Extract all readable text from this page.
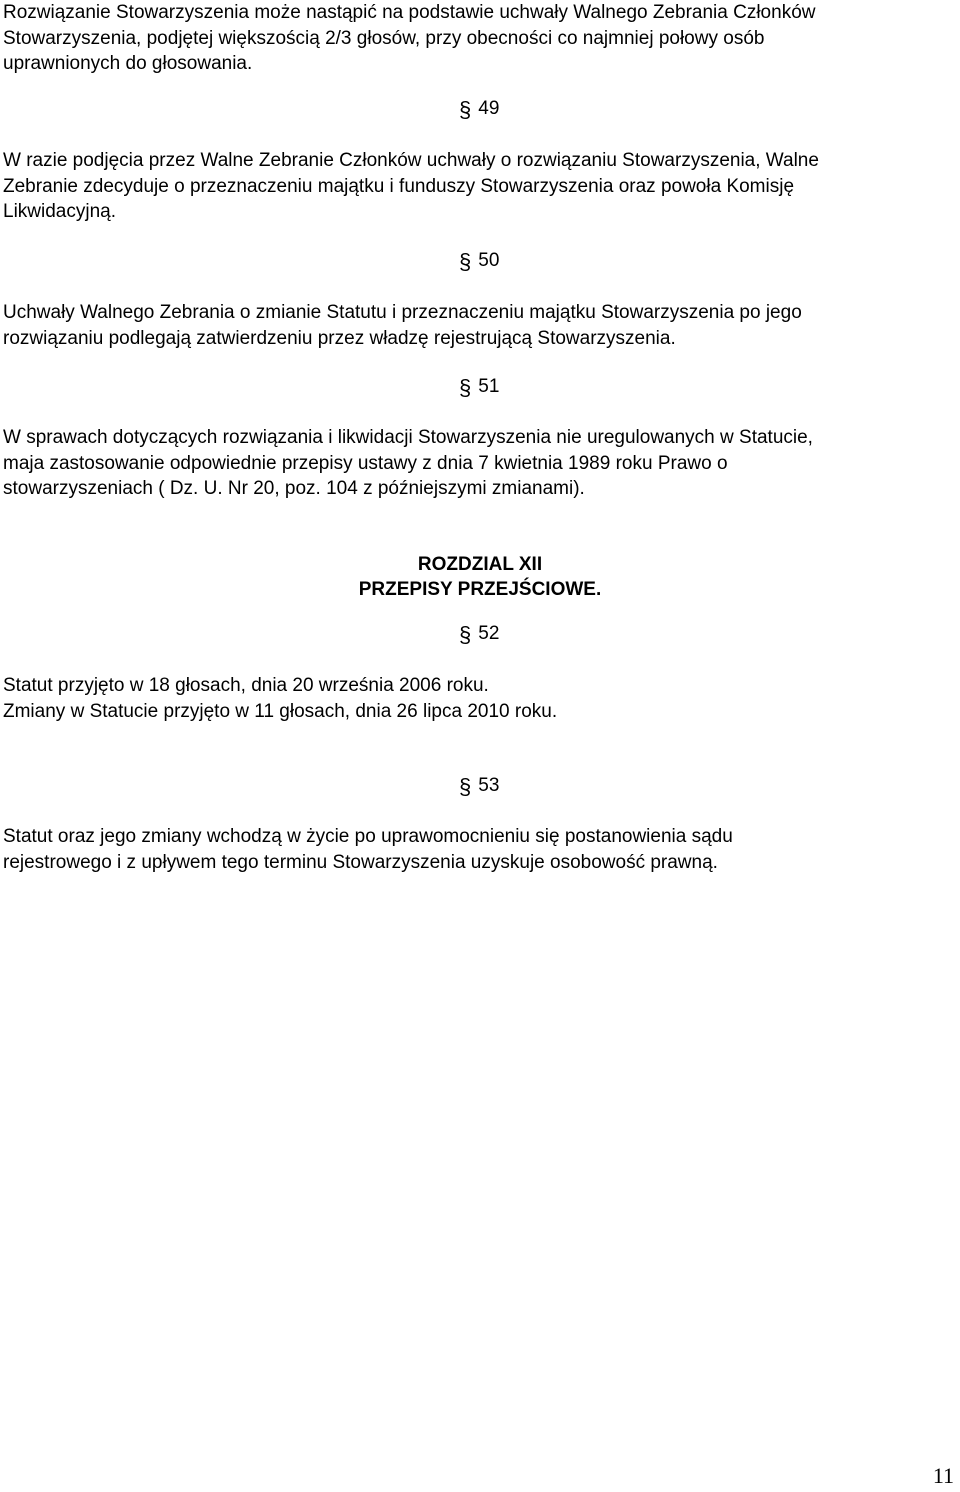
Rozwiązanie Stowarzyszenia może nastąpić na podstawie uchwały Walnego Zebrania Członków
Stowarzyszenia, podjętej większością 2/3 głosów, przy obecności co najmniej połowy osób
uprawnionych do głosowania.

§ 49

W razie podjęcia przez Walne Zebranie Członków uchwały o rozwiązaniu Stowarzyszenia, Walne
Zebranie zdecyduje o przeznaczeniu majątku i funduszy Stowarzyszenia oraz powoła Komisję
Likwidacyjną.

§ 50

Uchwały Walnego Zebrania o zmianie Statutu i przeznaczeniu majątku Stowarzyszenia po jego
rozwiązaniu podlegają zatwierdzeniu przez władzę rejestrującą Stowarzyszenia.

§ 51

W sprawach dotyczących rozwiązania i likwidacji Stowarzyszenia nie uregulowanych w Statucie,
maja zastosowanie odpowiednie przepisy ustawy z dnia 7 kwietnia 1989 roku Prawo o
stowarzyszeniach ( Dz. U. Nr 20, poz. 104 z późniejszymi zmianami).

ROZDZIAL XII

PRZEPISY PRZEJŚCIOWE.

§ 52

Statut przyjęto w 18 głosach, dnia 20 września 2006 roku.
Zmiany w Statucie przyjęto w 11 głosach, dnia 26 lipca 2010 roku.

§ 53

Statut oraz jego zmiany wchodzą w życie po uprawomocnieniu się postanowienia sądu
rejestrowego i z upływem tego terminu Stowarzyszenia uzyskuje osobowość prawną.

11
